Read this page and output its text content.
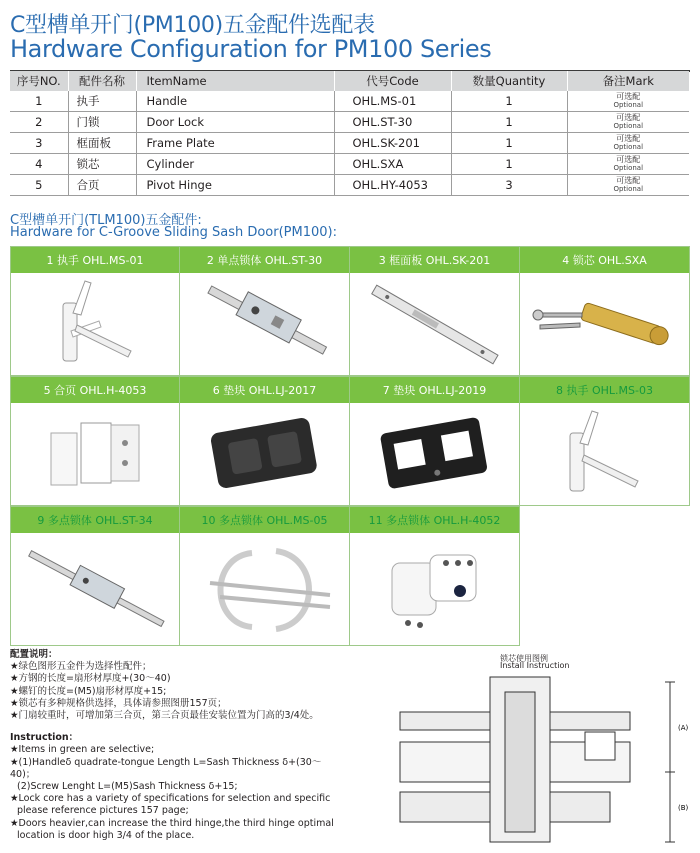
C型槽单开门(PM100)五金配件选配表
Hardware Configuration for PM100 Series
序号NO.	配件名称	ItemName	代号Code	数量Quantity	备注Mark
1	执手	Handle	OHL.MS-01	1	可选配
Optional

2	门锁	Door Lock	OHL.ST-30	1	可选配
Optional

3	框面板	Frame Plate	OHL.SK-201	1	可选配
Optional

4	锁芯	Cylinder	OHL.SXA	1	可选配
Optional

5	合页	Pivot Hinge	OHL.HY-4053	3	可选配
Optional
C型槽单开门(TLM100)五金配件:
Hardware for C-Groove Sliding Sash Door(PM100):
1 执手 OHL.MS-01	2 单点锁体 OHL.ST-30	3 框面板 OHL.SK-201	4 锁芯 OHL.SXA
5 合页 OHL.H-4053	6 垫块 OHL.LJ-2017	7 垫块 OHL.LJ-2019	8 执手 OHL.MS-03
9 多点锁体 OHL.ST-34	10 多点锁体 OHL.MS-05	11 多点锁体 OHL.H-4052

配置说明：

★绿色图形五金件为选择性配件；

★方钢的长度=扇形材厚度+(30～40)

★螺钉的长度=(M5)扇形材厚度+15;

★锁芯有多种规格供选择，具体请参照图册157页；

★门扇较重时，可增加第三合页，第三合页最佳安装位置为门高的3/4处。

Instruction：

★Items in green are selective;

★(1)Handleδ quadrate-tongue Length L=Sash Thickness δ+(30～40)；

(2)Screw Lenght L=(M5)Sash Thickness δ+15;

★Lock core has a variety of specifications for selection and specific

please reference pictures 157 page;

★Doors heavier,can increase the third hinge,the third hinge optimal

location is door high 3/4 of the place.

锁芯使用图例
Install Instruction
(A)
(B)
